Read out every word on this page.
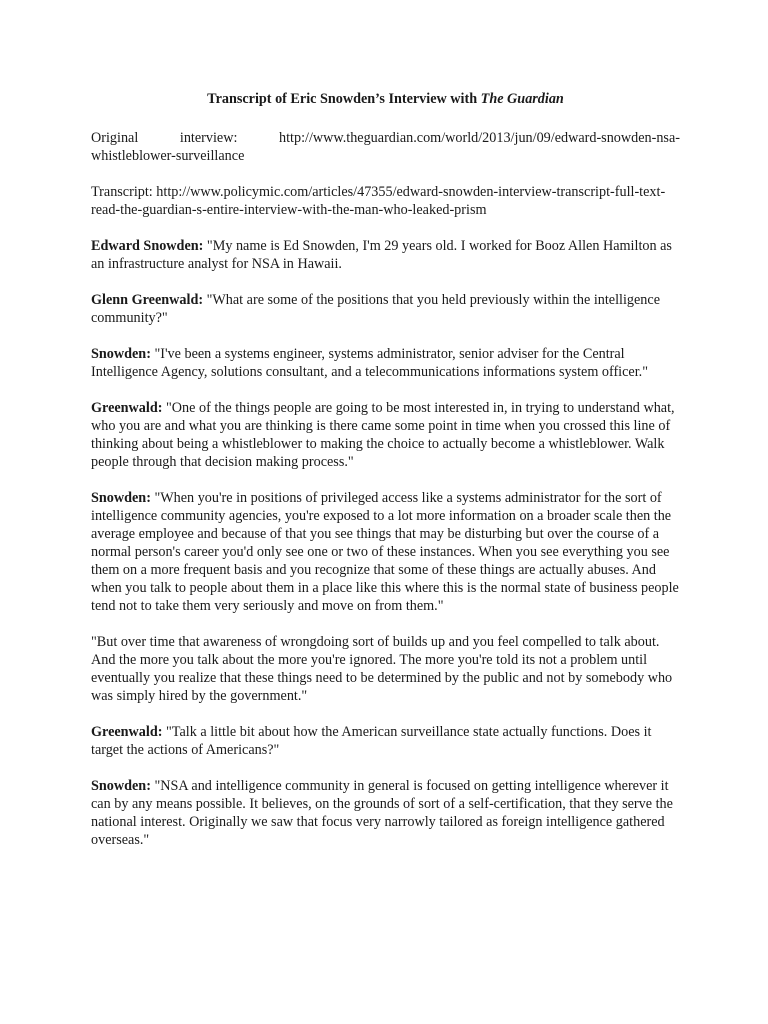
Transcript of Eric Snowden’s Interview with The Guardian

Original	interview:	http://www.theguardian.com/world/2013/jun/09/edward-snowden-nsa-
whistleblower-surveillance

Transcript: http://www.policymic.com/articles/47355/edward-snowden-interview-transcript-full-text-read-the-guardian-s-entire-interview-with-the-man-who-leaked-prism

Edward Snowden: "My name is Ed Snowden, I'm 29 years old. I worked for Booz Allen Hamilton as an infrastructure analyst for NSA in Hawaii.

Glenn Greenwald: "What are some of the positions that you held previously within the intelligence community?"

Snowden: "I've been a systems engineer, systems administrator, senior adviser for the Central Intelligence Agency, solutions consultant, and a telecommunications informations system officer."

Greenwald: "One of the things people are going to be most interested in, in trying to understand what, who you are and what you are thinking is there came some point in time when you crossed this line of thinking about being a whistleblower to making the choice to actually become a whistleblower. Walk people through that decision making process."

Snowden: "When you're in positions of privileged access like a systems administrator for the sort of intelligence community agencies, you're exposed to a lot more information on a broader scale then the average employee and because of that you see things that may be disturbing but over the course of a normal person's career you'd only see one or two of these instances. When you see everything you see them on a more frequent basis and you recognize that some of these things are actually abuses. And when you talk to people about them in a place like this where this is the normal state of business people tend not to take them very seriously and move on from them."

"But over time that awareness of wrongdoing sort of builds up and you feel compelled to talk about. And the more you talk about the more you're ignored. The more you're told its not a problem until eventually you realize that these things need to be determined by the public and not by somebody who was simply hired by the government."

Greenwald: "Talk a little bit about how the American surveillance state actually functions. Does it target the actions of Americans?"

Snowden: "NSA and intelligence community in general is focused on getting intelligence wherever it can by any means possible. It believes, on the grounds of sort of a self-certification, that they serve the national interest. Originally we saw that focus very narrowly tailored as foreign intelligence gathered overseas."
